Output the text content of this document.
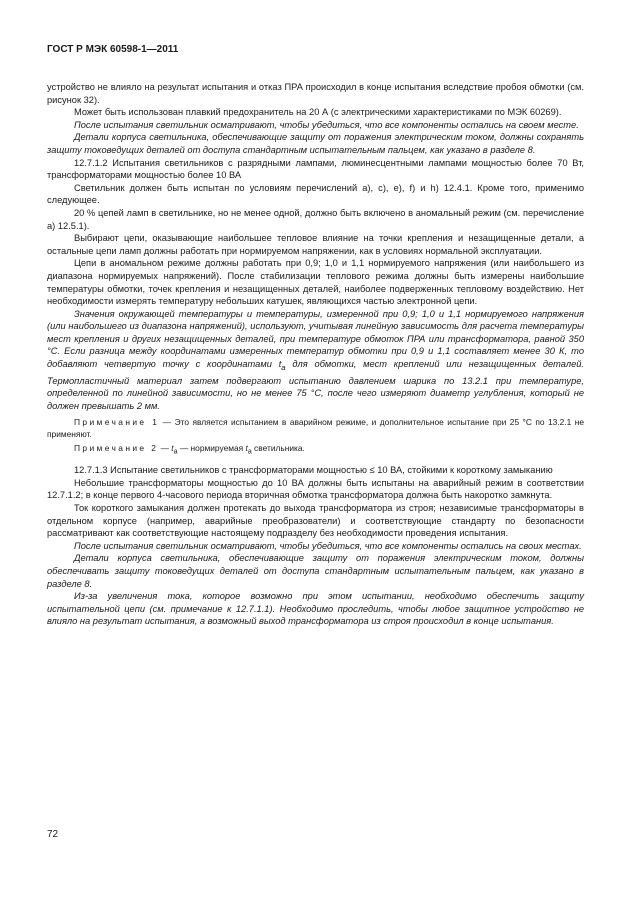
ГОСТ Р МЭК 60598-1—2011

устройство не влияло на результат испытания и отказ ПРА происходил в конце испытания вследствие пробоя обмотки (см. рисунок 32).

Может быть использован плавкий предохранитель на 20 А (с электрическими характеристиками по МЭК 60269).

После испытания светильник осматривают, чтобы убедиться, что все компоненты остались на своем месте.

Детали корпуса светильника, обеспечивающие защиту от поражения электрическим током, должны сохранять защиту токоведущих деталей от доступа стандартным испытательным пальцем, как указано в разделе 8.

12.7.1.2 Испытания светильников с разрядными лампами, люминесцентными лампами мощностью более 70 Вт, трансформаторами мощностью более 10 ВА

Светильник должен быть испытан по условиям перечислений а), с), е), f) и h) 12.4.1. Кроме того, применимо следующее.

20 % цепей ламп в светильнике, но не менее одной, должно быть включено в аномальный режим (см. перечисление а) 12.5.1).

Выбирают цепи, оказывающие наибольшее тепловое влияние на точки крепления и незащищенные детали, а остальные цепи ламп должны работать при нормируемом напряжении, как в условиях нормальной эксплуатации.

Цепи в аномальном режиме должны работать при 0,9; 1,0 и 1,1 нормируемого напряжения (или наибольшего из диапазона нормируемых напряжений). После стабилизации теплового режима должны быть измерены наибольшие температуры обмотки, точек крепления и незащищенных деталей, наиболее подверженных тепловому воздействию. Нет необходимости измерять температуру небольших катушек, являющихся частью электронной цепи.

Значения окружающей температуры и температуры, измеренной при 0,9; 1,0 и 1,1 нормируемого напряжения (или наибольшего из диапазона напряжений), используют, учитывая линейную зависимость для расчета температуры мест крепления и других незащищенных деталей, при температуре обмоток ПРА или трансформатора, равной 350 °С. Если разница между координатами измеренных температур обмотки при 0,9 и 1,1 составляет менее 30 К, то добавляют четвертую точку с координатами $t_a$ для обмотки, мест креплений или незащищенных деталей. Термопластичный материал затем подвергают испытанию давлением шарика по 13.2.1 при температуре, определенной по линейной зависимости, но не менее 75 °С, после чего измеряют диаметр углубления, который не должен превышать 2 мм.

Примечание 1 — Это является испытанием в аварийном режиме, и дополнительное испытание при 25 °С по 13.2.1 не применяют.

Примечание 2 — $t_a$ — нормируемая $t_a$ светильника.

12.7.1.3 Испытание светильников с трансформаторами мощностью ≤ 10 ВА, стойкими к короткому замыканию

Небольшие трансформаторы мощностью до 10 ВА должны быть испытаны на аварийный режим в соответствии 12.7.1.2; в конце первого 4-часового периода вторичная обмотка трансформатора должна быть накоротко замкнута.

Ток короткого замыкания должен протекать до выхода трансформатора из строя; независимые трансформаторы в отдельном корпусе (например, аварийные преобразователи) и соответствующие стандарту по безопасности рассматривают как соответствующие настоящему подразделу без необходимости проведения испытания.

После испытания светильник осматривают, чтобы убедиться, что все компоненты остались на своих местах.

Детали корпуса светильника, обеспечивающие защиту от поражения электрическим током, должны обеспечивать защиту токоведущих деталей от доступа стандартным испытательным пальцем, как указано в разделе 8.

Из-за увеличения тока, которое возможно при этом испытании, необходимо обеспечить защиту испытательной цепи (см. примечание к 12.7.1.1). Необходимо проследить, чтобы любое защитное устройство не влияло на результат испытания, а возможный выход трансформатора из строя происходил в конце испытания.

72
